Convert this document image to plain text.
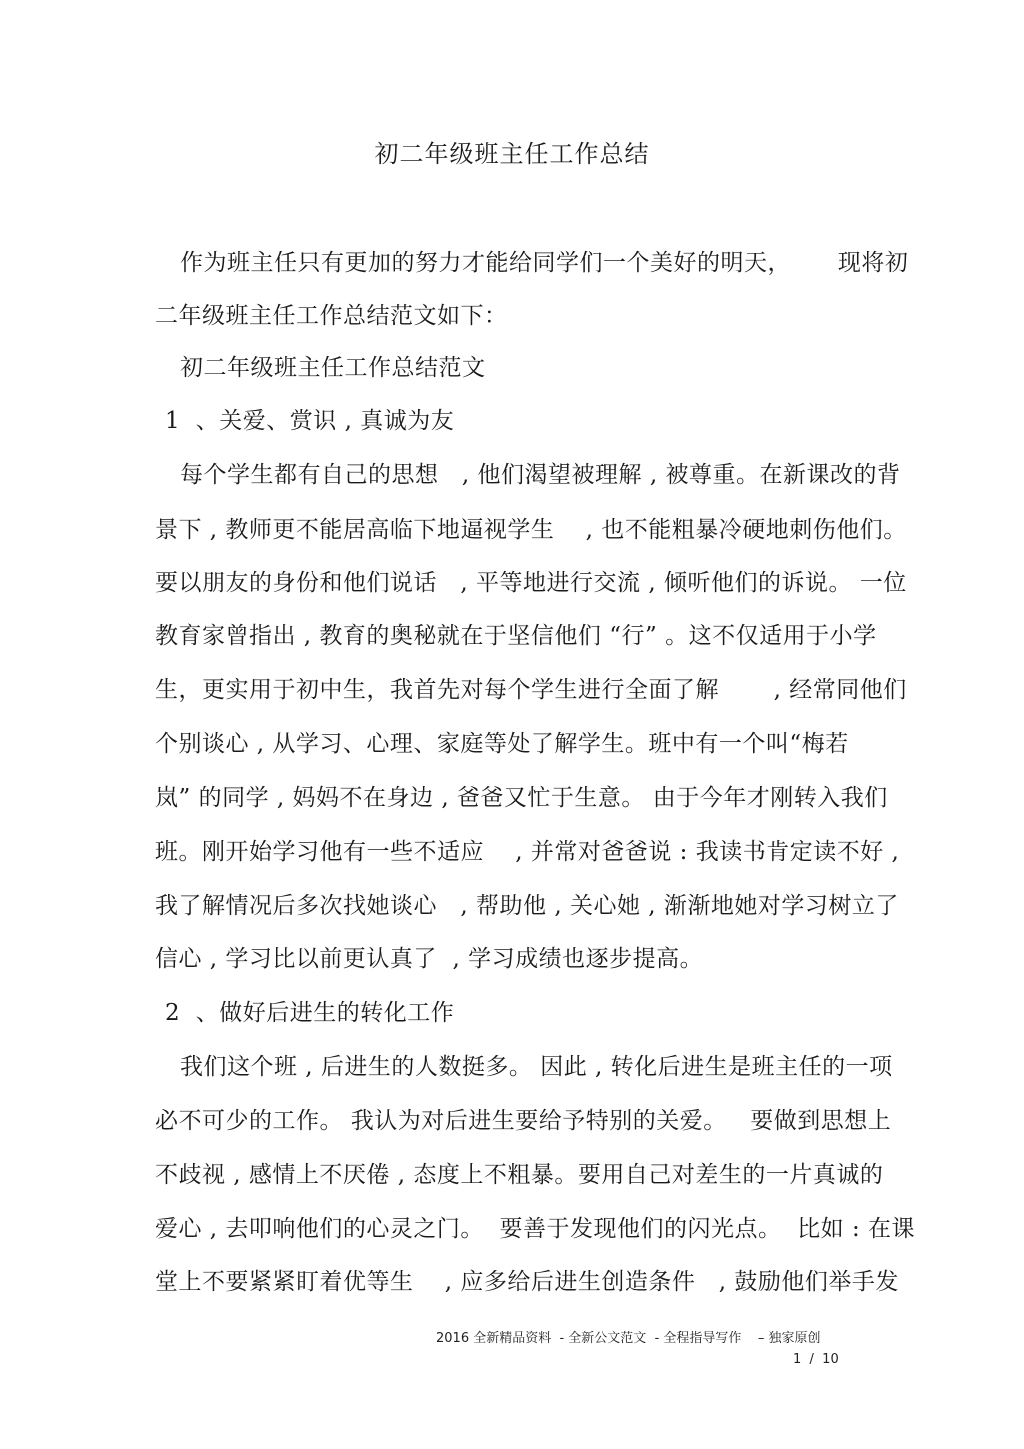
初二年级班主任工作总结
作为班主任只有更加的努力才能给同学们一个美好的明天，      现将初
二年级班主任工作总结范文如下：
初二年级班主任工作总结范文
1  、关爱、赏识 , 真诚为友
每个学生都有自己的思想   , 他们渴望被理解 , 被尊重。在新课改的背
景下 , 教师更不能居高临下地逼视学生    , 也不能粗暴冷硬地刺伤他们。
要以朋友的身份和他们说话   , 平等地进行交流 , 倾听他们的诉说。 一位
教育家曾指出 , 教育的奥秘就在于坚信他们 “行” 。这不仅适用于小学
生，更实用于初中生，我首先对每个学生进行全面了解       , 经常同他们
个别谈心 , 从学习、心理、家庭等处了解学生。班中有一个叫“梅若
岚” 的同学 , 妈妈不在身边 , 爸爸又忙于生意。 由于今年才刚转入我们
班。刚开始学习他有一些不适应    , 并常对爸爸说 : 我读书肯定读不好 ,
我了解情况后多次找她谈心   , 帮助他 , 关心她 , 渐渐地她对学习树立了
信心 , 学习比以前更认真了  , 学习成绩也逐步提高。
2  、做好后进生的转化工作
我们这个班 , 后进生的人数挺多。 因此 , 转化后进生是班主任的一项
必不可少的工作。 我认为对后进生要给予特别的关爱。   要做到思想上
不歧视 , 感情上不厌倦 , 态度上不粗暴。要用自己对差生的一片真诚的
爱心 , 去叩响他们的心灵之门。  要善于发现他们的闪光点。  比如 : 在课
堂上不要紧紧盯着优等生    , 应多给后进生创造条件   , 鼓励他们举手发
2016 全新精品资料  - 全新公文范文  - 全程指导写作    – 独家原创
1  /  10
